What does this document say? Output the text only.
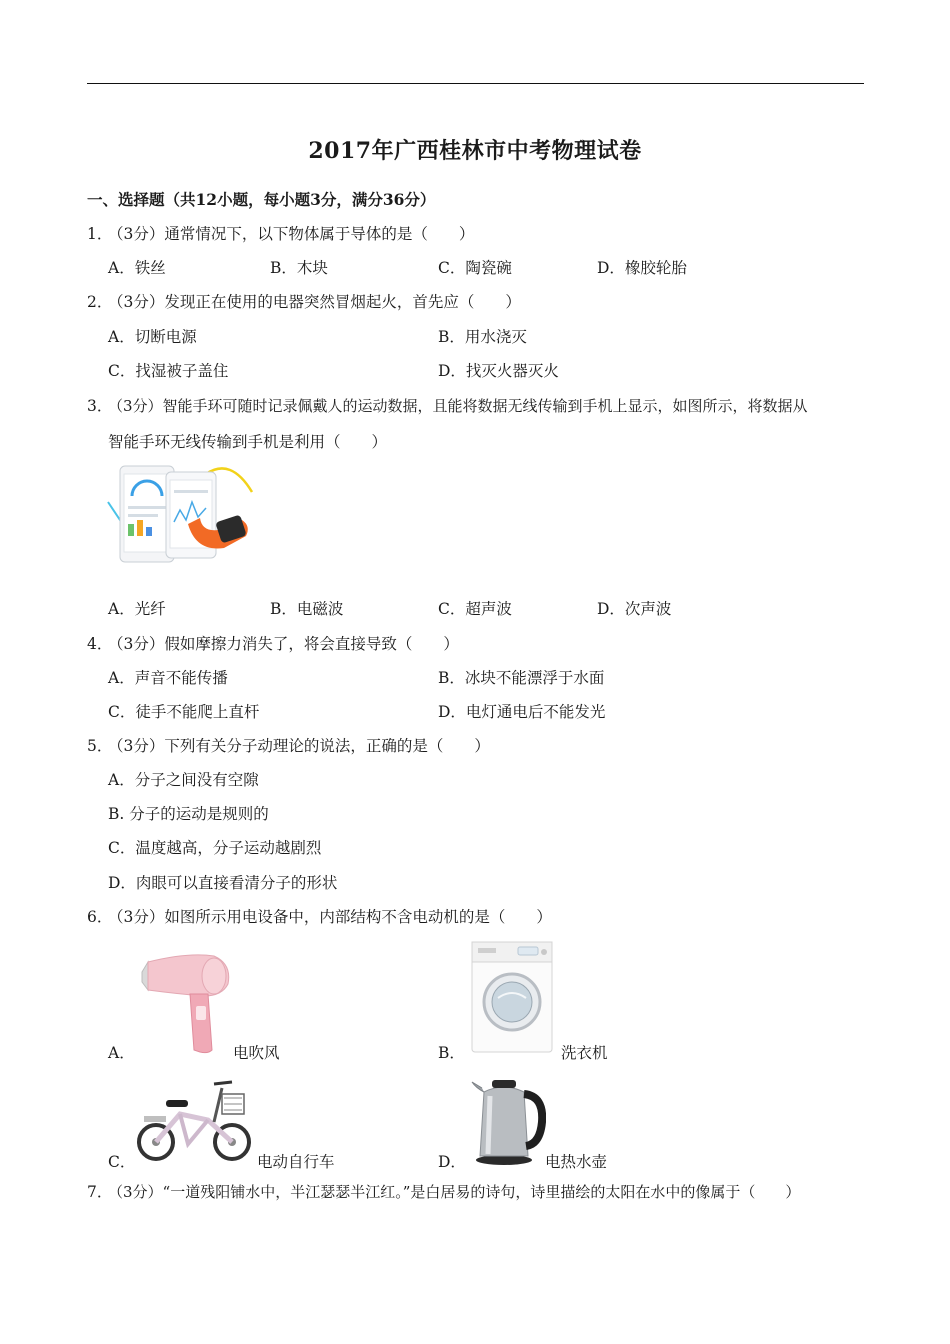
2017年广西桂林市中考物理试卷
一、选择题（共12小题，每小题3分，满分36分）
1．
（3分）通常情况下，以下物体属于导体的是（　　）
A．铁丝	B．木块	C．陶瓷碗	D．橡胶轮胎
2．
（3分）发现正在使用的电器突然冒烟起火，首先应（　　）
A．切断电源	B．用水浇灭
C．找湿被子盖住	D．找灭火器灭火
3．
（3分）智能手环可随时记录佩戴人的运动数据，且能将数据无线传输到手机上显示，如图所示，将数据从
智能手环无线传输到手机是利用（　　）
A．光纤	B．电磁波	C．超声波	D．次声波
4．
（3分）假如摩擦力消失了，将会直接导致（　　）
A．声音不能传播	B．冰块不能漂浮于水面
C．徒手不能爬上直杆	D．电灯通电后不能发光
5．
（3分）下列有关分子动理论的说法，正确的是（　　）
A．分子之间没有空隙
B. 分子的运动是规则的
C．温度越高，分子运动越剧烈
D．肉眼可以直接看清分子的形状
6．
（3分）如图所示用电设备中，内部结构不含电动机的是（　　）
A．	电吹风	B．	洗衣机
C．	电动自行车	D．	电热水壶
7．
（3分）“一道残阳铺水中，半江瑟瑟半江红。”是白居易的诗句，诗里描绘的太阳在水中的像属于（　　）
